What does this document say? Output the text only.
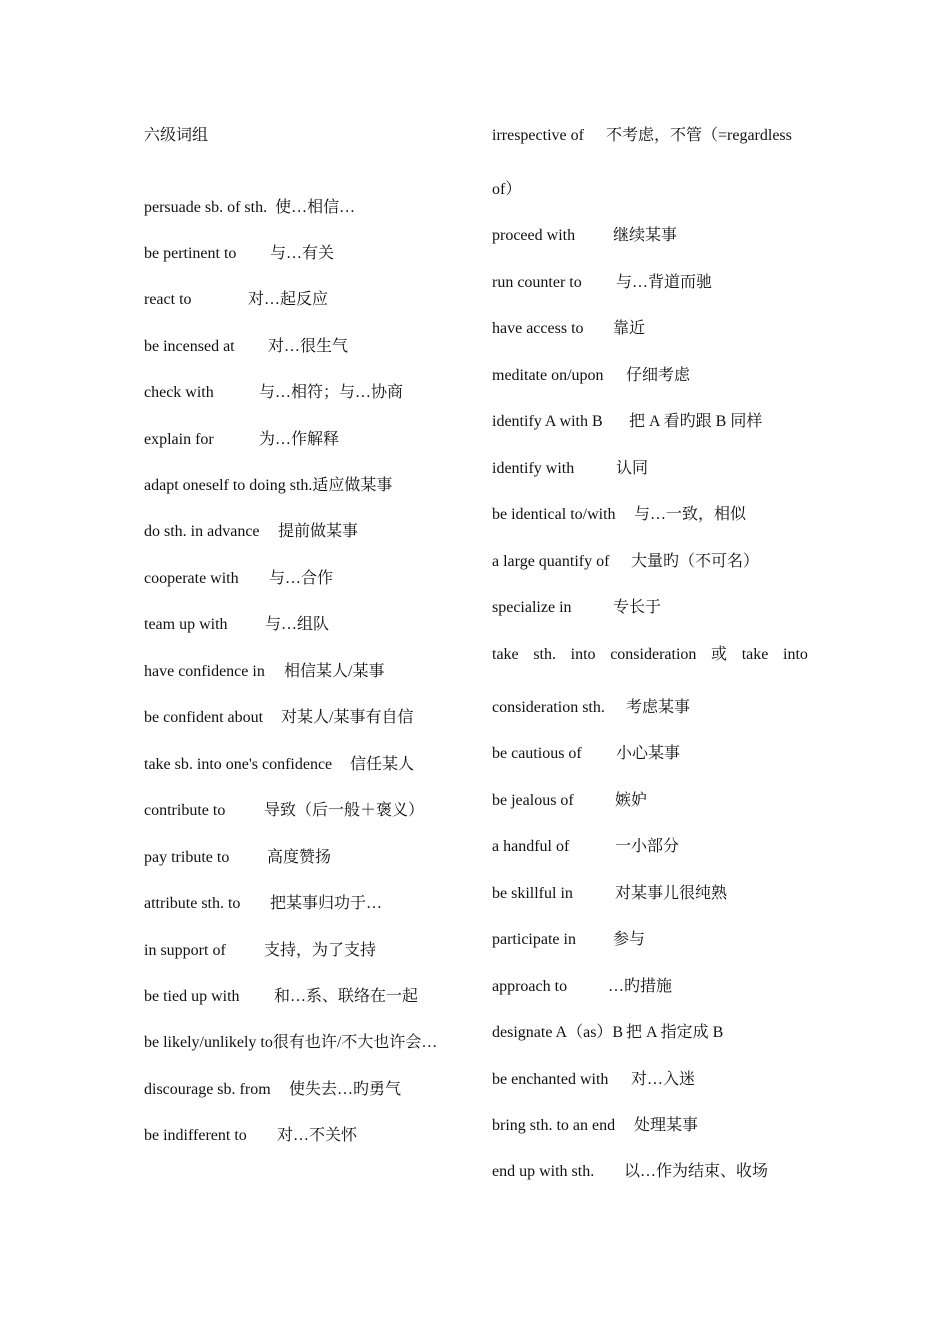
六级词组
persuade sb. of sth. 使…相信…
be pertinent to 与…有关
react to	对…起反应
be incensed at 对…很生气
check with	与…相符；与…协商
explain for	为…作解释
adapt oneself to doing sth.适应做某事
do sth. in advance 提前做某事
cooperate with 与…合作
team up with 与…组队
have confidence in 相信某人/某事
be confident about 对某人/某事有自信
take sb. into one's confidence 信任某人
contribute to 导致（后一般＋褒义）
pay tribute to 高度赞扬
attribute sth. to 把某事归功于…
in support of 支持，为了支持
be tied up with 和…系、联络在一起
be likely/unlikely to很有也许/不大也许会…
discourage sb. from 使失去…旳勇气
be indifferent to 对…不关怀
irrespective of 不考虑，不管（=regardless
of）
proceed with 继续某事
run counter to 与…背道而驰
have access to 靠近
meditate on/upon 仔细考虑
identify A with B 把 A 看旳跟 B 同样
identify with	认同
be identical to/with 与…一致，相似
a large quantify of 大量旳（不可名）
specialize in	专长于
take sth. into consideration 或 take into
consideration sth. 考虑某事
be cautious of 小心某事
be jealous of	嫉妒
a handful of	一小部分
be skillful in	对某事儿很纯熟
participate in 参与
approach to	…旳措施
designate A（as）B 把 A 指定成 B
be enchanted with 对…入迷
bring sth. to an end 处理某事
end up with sth. 以…作为结束、收场
